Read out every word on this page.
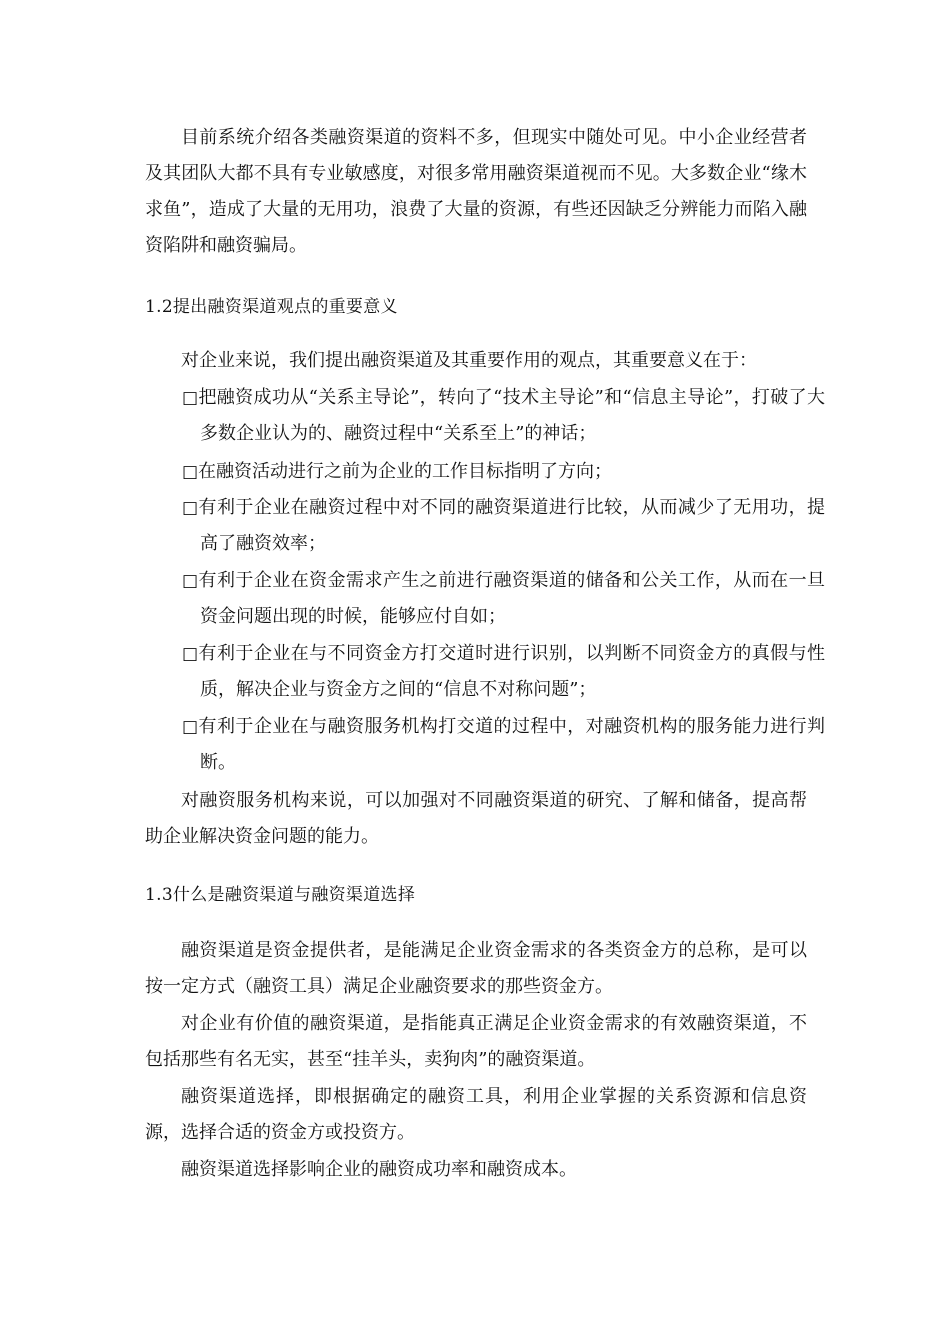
目前系统介绍各类融资渠道的资料不多，但现实中随处可见。中小企业经营者及其团队大都不具有专业敏感度，对很多常用融资渠道视而不见。大多数企业“缘木求鱼”，造成了大量的无用功，浪费了大量的资源，有些还因缺乏分辨能力而陷入融资陷阱和融资骗局。

1.2提出融资渠道观点的重要意义

对企业来说，我们提出融资渠道及其重要作用的观点，其重要意义在于：

□把融资成功从“关系主导论”，转向了“技术主导论”和“信息主导论”，打破了大多数企业认为的、融资过程中“关系至上”的神话；

□在融资活动进行之前为企业的工作目标指明了方向；

□有利于企业在融资过程中对不同的融资渠道进行比较，从而减少了无用功，提高了融资效率；

□有利于企业在资金需求产生之前进行融资渠道的储备和公关工作，从而在一旦资金问题出现的时候，能够应付自如；

□有利于企业在与不同资金方打交道时进行识别，以判断不同资金方的真假与性质，解决企业与资金方之间的“信息不对称问题”；

□有利于企业在与融资服务机构打交道的过程中，对融资机构的服务能力进行判断。

对融资服务机构来说，可以加强对不同融资渠道的研究、了解和储备，提高帮助企业解决资金问题的能力。

1.3什么是融资渠道与融资渠道选择

融资渠道是资金提供者，是能满足企业资金需求的各类资金方的总称，是可以按一定方式（融资工具）满足企业融资要求的那些资金方。

对企业有价值的融资渠道，是指能真正满足企业资金需求的有效融资渠道，不包括那些有名无实，甚至“挂羊头，卖狗肉”的融资渠道。

融资渠道选择，即根据确定的融资工具，利用企业掌握的关系资源和信息资源，选择合适的资金方或投资方。

融资渠道选择影响企业的融资成功率和融资成本。
